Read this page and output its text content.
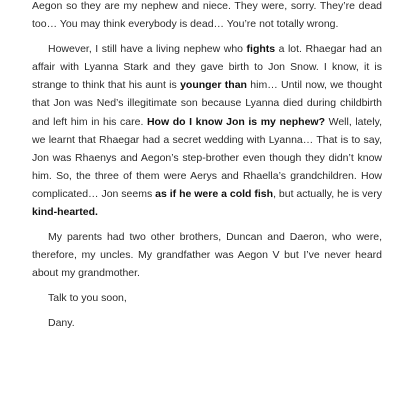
Aegon so they are my nephew and niece. They were, sorry. They’re dead too… You may think everybody is dead… You’re not totally wrong.

However, I still have a living nephew who fights a lot. Rhaegar had an affair with Lyanna Stark and they gave birth to Jon Snow. I know, it is strange to think that his aunt is younger than him… Until now, we thought that Jon was Ned’s illegitimate son because Lyanna died during childbirth and left him in his care. How do I know Jon is my nephew? Well, lately, we learnt that Rhaegar had a secret wedding with Lyanna… That is to say, Jon was Rhaenys and Aegon’s step-brother even though they didn’t know him. So, the three of them were Aerys and Rhaella’s grandchildren. How complicated… Jon seems as if he were a cold fish, but actually, he is very kind-hearted.

My parents had two other brothers, Duncan and Daeron, who were, therefore, my uncles. My grandfather was Aegon V but I’ve never heard about my grandmother.

Talk to you soon,

Dany.
